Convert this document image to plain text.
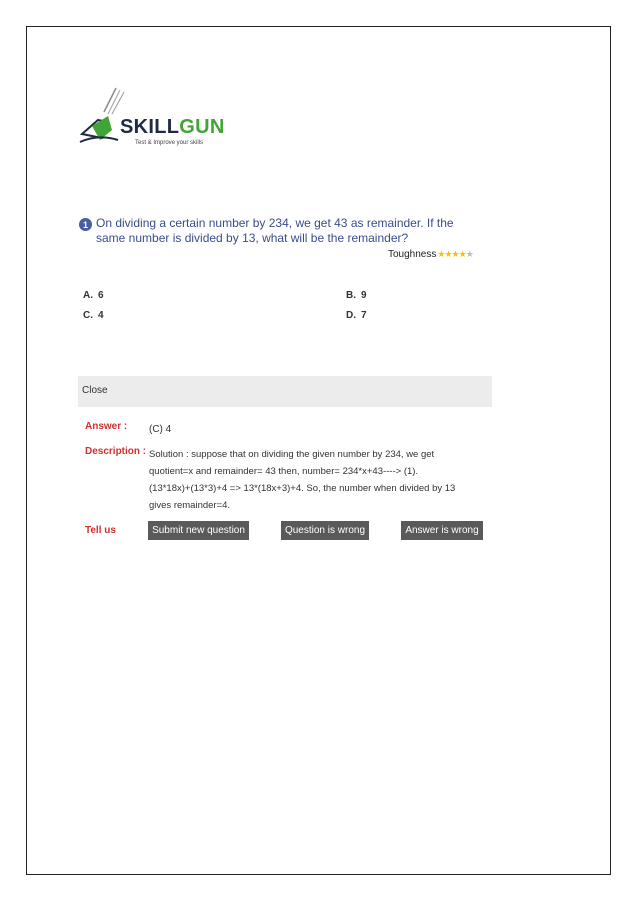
SKILLGUN
Test & Improve your skills
1 On dividing a certain number by 234, we get 43 as remainder. If the same number is divided by 13, what will be the remainder?
Toughness ★★★★★
A. 6	B. 9
C. 4	D. 7
Close
Answer : (C) 4
Description : Solution : suppose that on dividing the given number by 234, we get
quotient=x and remainder= 43 then, number= 234*x+43----> (1).
(13*18x)+(13*3)+4 => 13*(18x+3)+4. So, the number when divided by 13
gives remainder=4.
Tell us	Submit new question	Question is wrong	Answer is wrong
